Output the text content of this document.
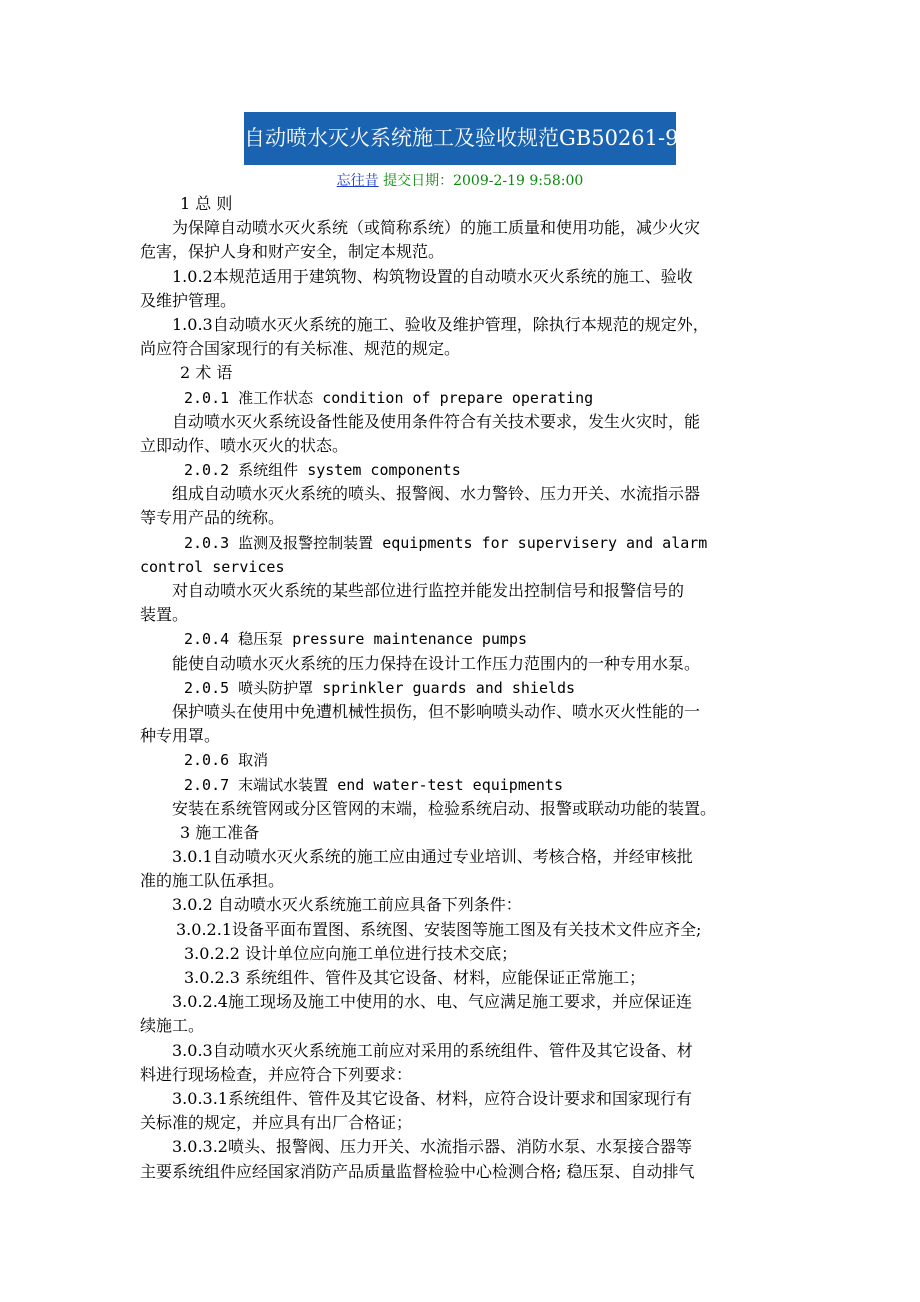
自动喷水灭火系统施工及验收规范GB50261-96
忘往昔 提交日期：2009-2-19 9:58:00
1 总 则
为保障自动喷水灭火系统（或简称系统）的施工质量和使用功能，减少火灾
危害，保护人身和财产安全，制定本规范。
1.0.2本规范适用于建筑物、构筑物设置的自动喷水灭火系统的施工、验收
及维护管理。
1.0.3自动喷水灭火系统的施工、验收及维护管理，除执行本规范的规定外，
尚应符合国家现行的有关标准、规范的规定。
2 术 语
2.0.1 准工作状态 condition of prepare operating
自动喷水灭火系统设备性能及使用条件符合有关技术要求，发生火灾时，能
立即动作、喷水灭火的状态。
2.0.2 系统组件 system components
组成自动喷水灭火系统的喷头、报警阀、水力警铃、压力开关、水流指示器
等专用产品的统称。
2.0.3 监测及报警控制装置 equipments for supervisery and alarm
control services
对自动喷水灭火系统的某些部位进行监控并能发出控制信号和报警信号的
装置。
2.0.4 稳压泵 pressure maintenance pumps
能使自动喷水灭火系统的压力保持在设计工作压力范围内的一种专用水泵。
2.0.5 喷头防护罩 sprinkler guards and shields
保护喷头在使用中免遭机械性损伤，但不影响喷头动作、喷水灭火性能的一
种专用罩。
2.0.6 取消
2.0.7 末端试水装置 end water-test equipments
安装在系统管网或分区管网的末端，检验系统启动、报警或联动功能的装置。
3 施工准备
3.0.1自动喷水灭火系统的施工应由通过专业培训、考核合格，并经审核批
准的施工队伍承担。
3.0.2 自动喷水灭火系统施工前应具备下列条件：
3.0.2.1设备平面布置图、系统图、安装图等施工图及有关技术文件应齐全;
3.0.2.2 设计单位应向施工单位进行技术交底；
3.0.2.3 系统组件、管件及其它设备、材料，应能保证正常施工；
3.0.2.4施工现场及施工中使用的水、电、气应满足施工要求，并应保证连
续施工。
3.0.3自动喷水灭火系统施工前应对采用的系统组件、管件及其它设备、材
料进行现场检查，并应符合下列要求：
3.0.3.1系统组件、管件及其它设备、材料，应符合设计要求和国家现行有
关标准的规定，并应具有出厂合格证；
3.0.3.2喷头、报警阀、压力开关、水流指示器、消防水泵、水泵接合器等
主要系统组件应经国家消防产品质量监督检验中心检测合格; 稳压泵、自动排气
